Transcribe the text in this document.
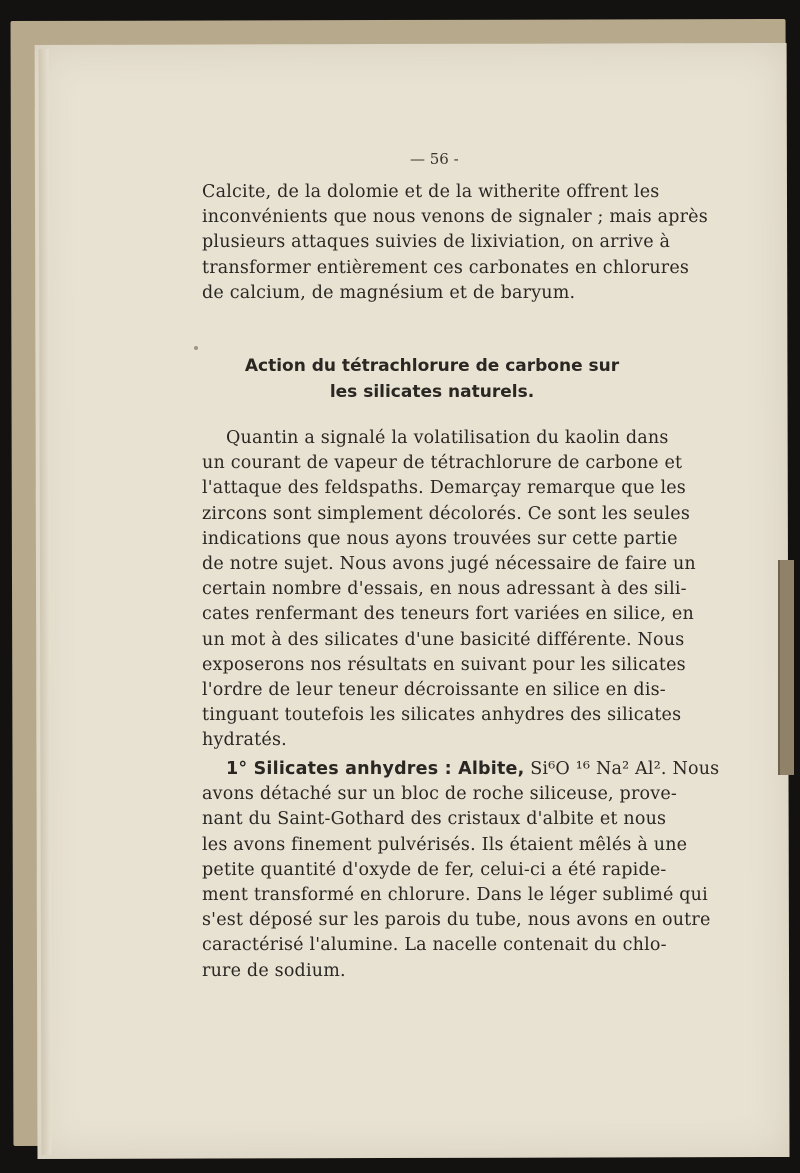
— 56 -
Calcite, de la dolomie et de la witherite offrent les
inconvénients que nous venons de signaler ; mais après
plusieurs attaques suivies de lixiviation, on arrive à
transformer entièrement ces carbonates en chlorures
de calcium, de magnésium et de baryum.
Action du tétrachlorure de carbone sur
les silicates naturels.
Quantin a signalé la volatilisation du kaolin dans
un courant de vapeur de tétrachlorure de carbone et
l'attaque des feldspaths. Demarçay remarque que les
zircons sont simplement décolorés. Ce sont les seules
indications que nous ayons trouvées sur cette partie
de notre sujet. Nous avons jugé nécessaire de faire un
certain nombre d'essais, en nous adressant à des sili-
cates renfermant des teneurs fort variées en silice, en
un mot à des silicates d'une basicité différente. Nous
exposerons nos résultats en suivant pour les silicates
l'ordre de leur teneur décroissante en silice en dis-
tinguant toutefois les silicates anhydres des silicates
hydratés.
1° Silicates anhydres : Albite, Si⁶O ¹⁶ Na² Al². Nous
avons détaché sur un bloc de roche siliceuse, prove-
nant du Saint-Gothard des cristaux d'albite et nous
les avons finement pulvérisés. Ils étaient mêlés à une
petite quantité d'oxyde de fer, celui-ci a été rapide-
ment transformé en chlorure. Dans le léger sublimé qui
s'est déposé sur les parois du tube, nous avons en outre
caractérisé l'alumine. La nacelle contenait du chlo-
rure de sodium.
